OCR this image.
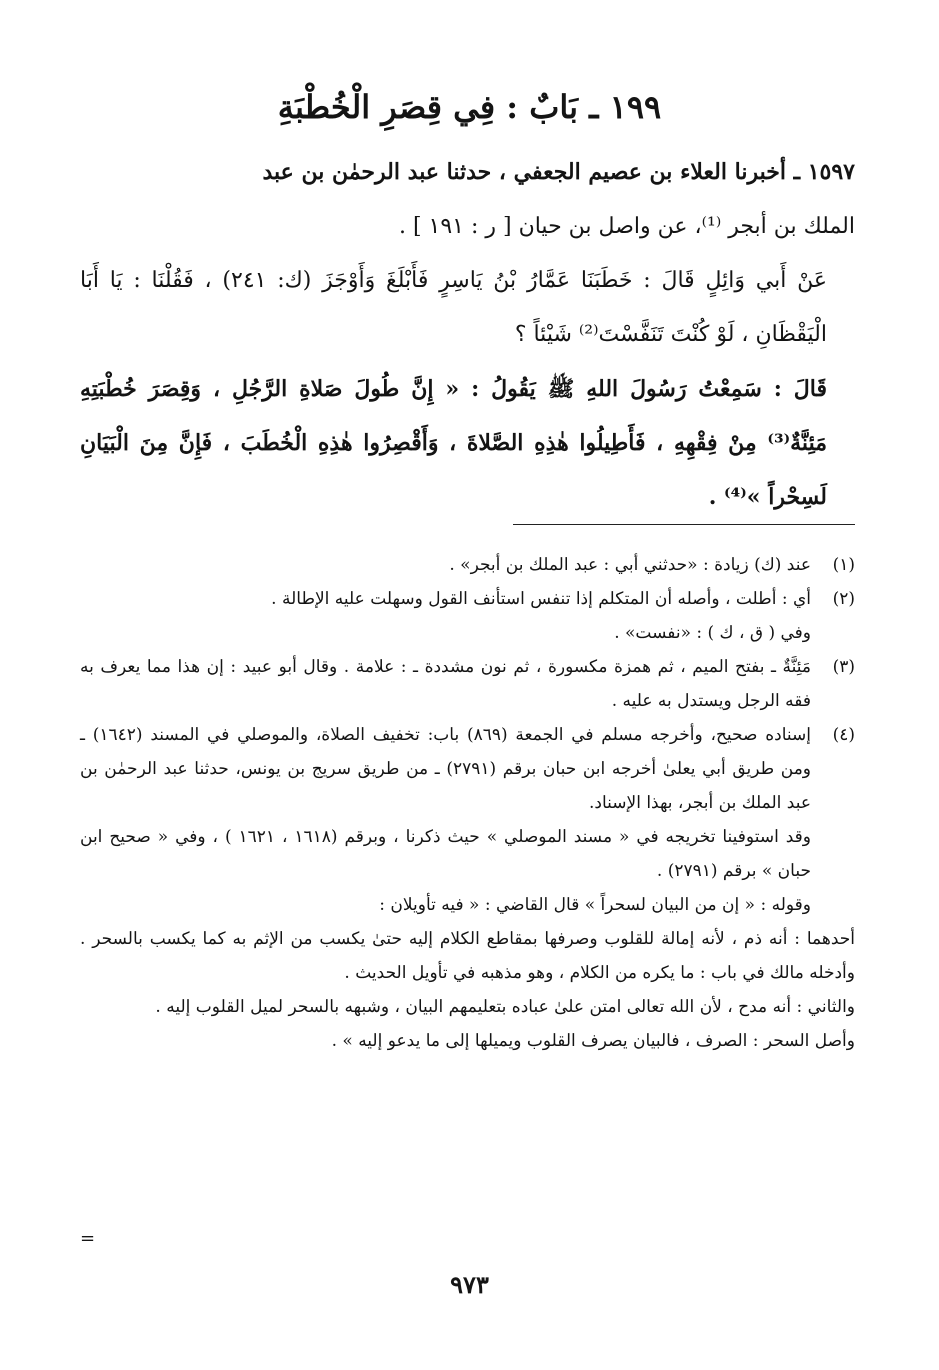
١٩٩ ـ بَابٌ : فِي قِصَرِ الْخُطْبَةِ

١٥٩٧ ـ أخبرنا العلاء بن عصيم الجعفي ، حدثنا عبد الرحمٰن بن عبد

الملك بن أبجر ⁽¹⁾، عن واصل بن حيان [ ر : ١٩١ ] .

عَنْ أَبي وَائِلٍ قَالَ : خَطَبَنَا عَمَّارُ بْنُ يَاسِرٍ فَأَبْلَغَ وَأَوْجَزَ (ك: ٢٤١) ، فَقُلْنَا : يَا أَبَا الْيَقْظَانِ ، لَوْ كُنْتَ تَنَفَّسْتَ⁽²⁾ شَيْئاً ؟

قَالَ : سَمِعْتُ رَسُولَ اللهِ ﷺ يَقُولُ : « إِنَّ طُولَ صَلاةِ الرَّجُلِ ، وَقِصَرَ خُطْبَتِهِ مَئِنَّةٌ⁽³⁾ مِنْ فِقْهِهِ ، فَأَطِيلُوا هٰذِهِ الصَّلاةَ ، وَأَقْصِرُوا هٰذِهِ الْخُطَبَ ، فَإِنَّ مِنَ الْبَيَانِ لَسِحْراً »⁽⁴⁾ .

(١)

عند (ك) زيادة : «حدثني أبي : عبد الملك بن أبجر» .

(٢)

أي : أطلت ، وأصله أن المتكلم إذا تنفس استأنف القول وسهلت عليه الإطالة .

وفي ( ق ، ك ) : «نفست» .

(٣)

مَئِنَّةٌ ـ بفتح الميم ، ثم همزة مكسورة ، ثم نون مشددة ـ : علامة . وقال أبو عبيد : إن هذا مما يعرف به فقه الرجل ويستدل به عليه .

(٤)

إسناده صحيح، وأخرجه مسلم في الجمعة (٨٦٩) باب: تخفيف الصلاة، والموصلي في المسند (١٦٤٢) ـ ومن طريق أبي يعلىٰ أخرجه ابن حبان برقم (٢٧٩١) ـ من طريق سريج بن يونس، حدثنا عبد الرحمٰن بن عبد الملك بن أبجر، بهذا الإسناد.

وقد استوفينا تخريجه في « مسند الموصلي » حيث ذكرنا ، وبرقم (١٦١٨ ، ١٦٢١ ) ، وفي « صحيح ابن حبان » برقم (٢٧٩١) .

وقوله : « إن من البيان لسحراً » قال القاضي : « فيه تأويلان :

أحدهما : أنه ذم ، لأنه إمالة للقلوب وصرفها بمقاطع الكلام إليه حتىٰ يكسب من الإثم به كما يكسب بالسحر . وأدخله مالك في باب : ما يكره من الكلام ، وهو مذهبه في تأويل الحديث .

والثاني : أنه مدح ، لأن الله تعالى امتن علىٰ عباده بتعليمهم البيان ، وشبهه بالسحر لميل القلوب إليه .

وأصل السحر : الصرف ، فالبيان يصرف القلوب ويميلها إلى ما يدعو إليه » .

=
٩٧٣
